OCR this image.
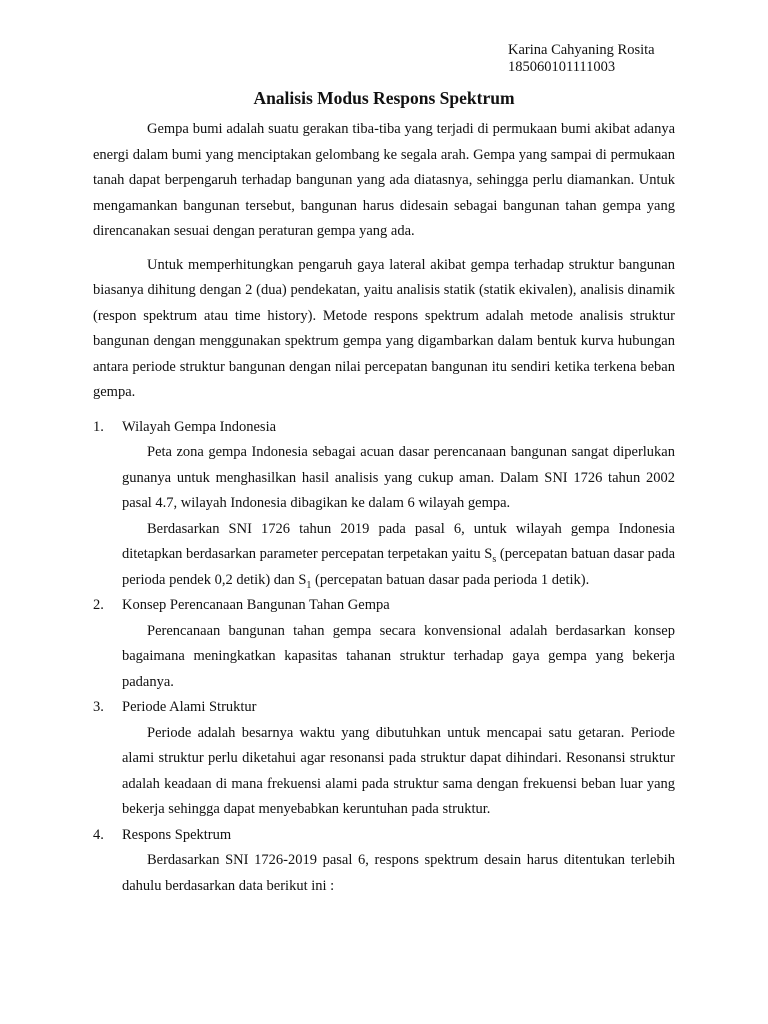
Karina Cahyaning Rosita
185060101111003
Analisis Modus Respons Spektrum

Gempa bumi adalah suatu gerakan tiba-tiba yang terjadi di permukaan bumi akibat adanya energi dalam bumi yang menciptakan gelombang ke segala arah. Gempa yang sampai di permukaan tanah dapat berpengaruh terhadap bangunan yang ada diatasnya, sehingga perlu diamankan. Untuk mengamankan bangunan tersebut, bangunan harus didesain sebagai bangunan tahan gempa yang direncanakan sesuai dengan peraturan gempa yang ada.

Untuk memperhitungkan pengaruh gaya lateral akibat gempa terhadap struktur bangunan biasanya dihitung dengan 2 (dua) pendekatan, yaitu analisis statik (statik ekivalen), analisis dinamik (respon spektrum atau time history). Metode respons spektrum adalah metode analisis struktur bangunan dengan menggunakan spektrum gempa yang digambarkan dalam bentuk kurva hubungan antara periode struktur bangunan dengan nilai percepatan bangunan itu sendiri ketika terkena beban gempa.

1. Wilayah Gempa Indonesia

Peta zona gempa Indonesia sebagai acuan dasar perencanaan bangunan sangat diperlukan gunanya untuk menghasilkan hasil analisis yang cukup aman. Dalam SNI 1726 tahun 2002 pasal 4.7, wilayah Indonesia dibagikan ke dalam 6 wilayah gempa.

Berdasarkan SNI 1726 tahun 2019 pada pasal 6, untuk wilayah gempa Indonesia ditetapkan berdasarkan parameter percepatan terpetakan yaitu $S_s$ (percepatan batuan dasar pada perioda pendek 0,2 detik) dan $S_1$ (percepatan batuan dasar pada perioda 1 detik).

2. Konsep Perencanaan Bangunan Tahan Gempa

Perencanaan bangunan tahan gempa secara konvensional adalah berdasarkan konsep bagaimana meningkatkan kapasitas tahanan struktur terhadap gaya gempa yang bekerja padanya.

3. Periode Alami Struktur

Periode adalah besarnya waktu yang dibutuhkan untuk mencapai satu getaran. Periode alami struktur perlu diketahui agar resonansi pada struktur dapat dihindari. Resonansi struktur adalah keadaan di mana frekuensi alami pada struktur sama dengan frekuensi beban luar yang bekerja sehingga dapat menyebabkan keruntuhan pada struktur.

4. Respons Spektrum

Berdasarkan SNI 1726-2019 pasal 6, respons spektrum desain harus ditentukan terlebih dahulu berdasarkan data berikut ini :
